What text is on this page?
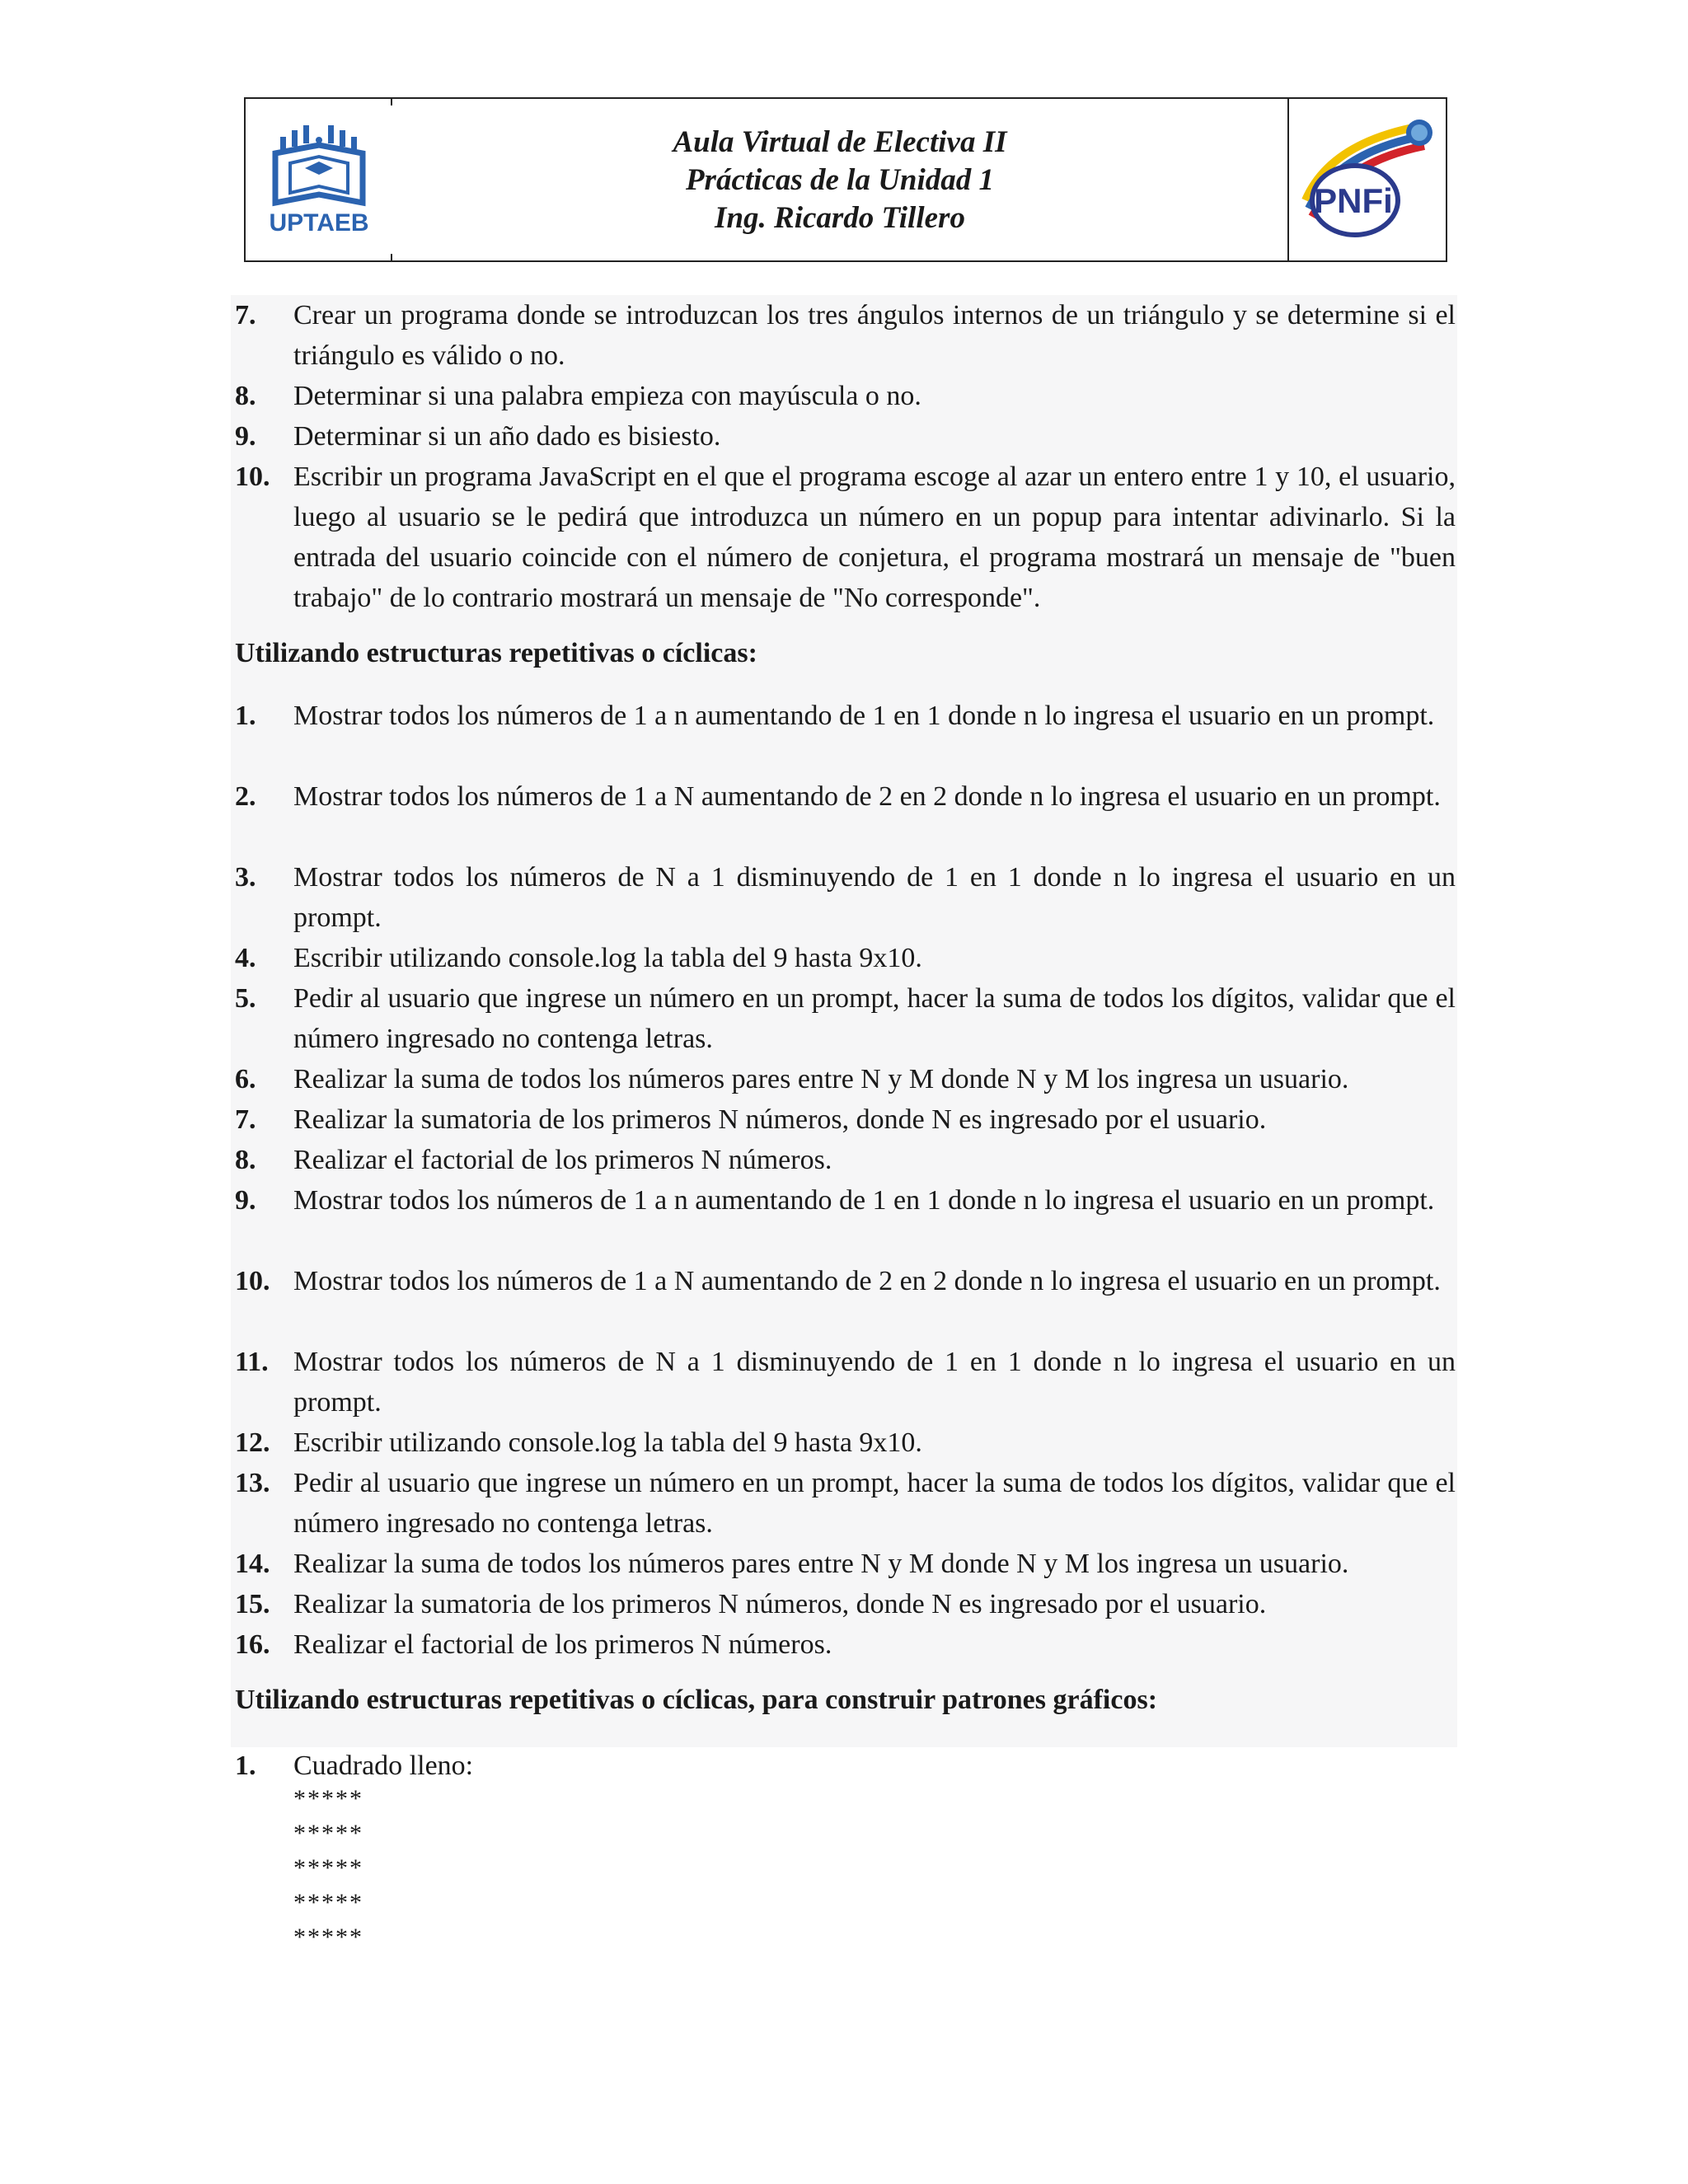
UPTAEB
Aula Virtual de Electiva II
Prácticas de la Unidad 1
Ing. Ricardo Tillero	PNFi
7. Crear un programa donde se introduzcan los tres ángulos internos de un triángulo y se determine si el triángulo es válido o no.
8. Determinar si una palabra empieza con mayúscula o no.
9. Determinar si un año dado es bisiesto.
10. Escribir un programa JavaScript en el que el programa escoge al azar un entero entre 1 y 10, el usuario, luego al usuario se le pedirá que introduzca un número en un popup para intentar adivinarlo. Si la entrada del usuario coincide con el número de conjetura, el programa mostrará un mensaje de "buen trabajo" de lo contrario mostrará un mensaje de "No corresponde".
Utilizando estructuras repetitivas o cíclicas:
1. Mostrar todos los números de 1 a n aumentando de 1 en 1 donde n lo ingresa el usuario en un prompt.
2. Mostrar todos los números de 1 a N aumentando de 2 en 2 donde n lo ingresa el usuario en un prompt.
3. Mostrar todos los números de N a 1 disminuyendo de 1 en 1 donde n lo ingresa el usuario en un prompt.
4. Escribir utilizando console.log la tabla del 9 hasta 9x10.
5. Pedir al usuario que ingrese un número en un prompt, hacer la suma de todos los dígitos, validar que el número ingresado no contenga letras.
6. Realizar la suma de todos los números pares entre N y M donde N y M los ingresa un usuario.
7. Realizar la sumatoria de los primeros N números, donde N es ingresado por el usuario.
8. Realizar el factorial de los primeros N números.
9. Mostrar todos los números de 1 a n aumentando de 1 en 1 donde n lo ingresa el usuario en un prompt.
10. Mostrar todos los números de 1 a N aumentando de 2 en 2 donde n lo ingresa el usuario en un prompt.
11. Mostrar todos los números de N a 1 disminuyendo de 1 en 1 donde n lo ingresa el usuario en un prompt.
12. Escribir utilizando console.log la tabla del 9 hasta 9x10.
13. Pedir al usuario que ingrese un número en un prompt, hacer la suma de todos los dígitos, validar que el número ingresado no contenga letras.
14. Realizar la suma de todos los números pares entre N y M donde N y M los ingresa un usuario.
15. Realizar la sumatoria de los primeros N números, donde N es ingresado por el usuario.
16. Realizar el factorial de los primeros N números.
Utilizando estructuras repetitivas o cíclicas, para construir patrones gráficos:
1. Cuadrado lleno:
*****
*****
*****
*****
*****
